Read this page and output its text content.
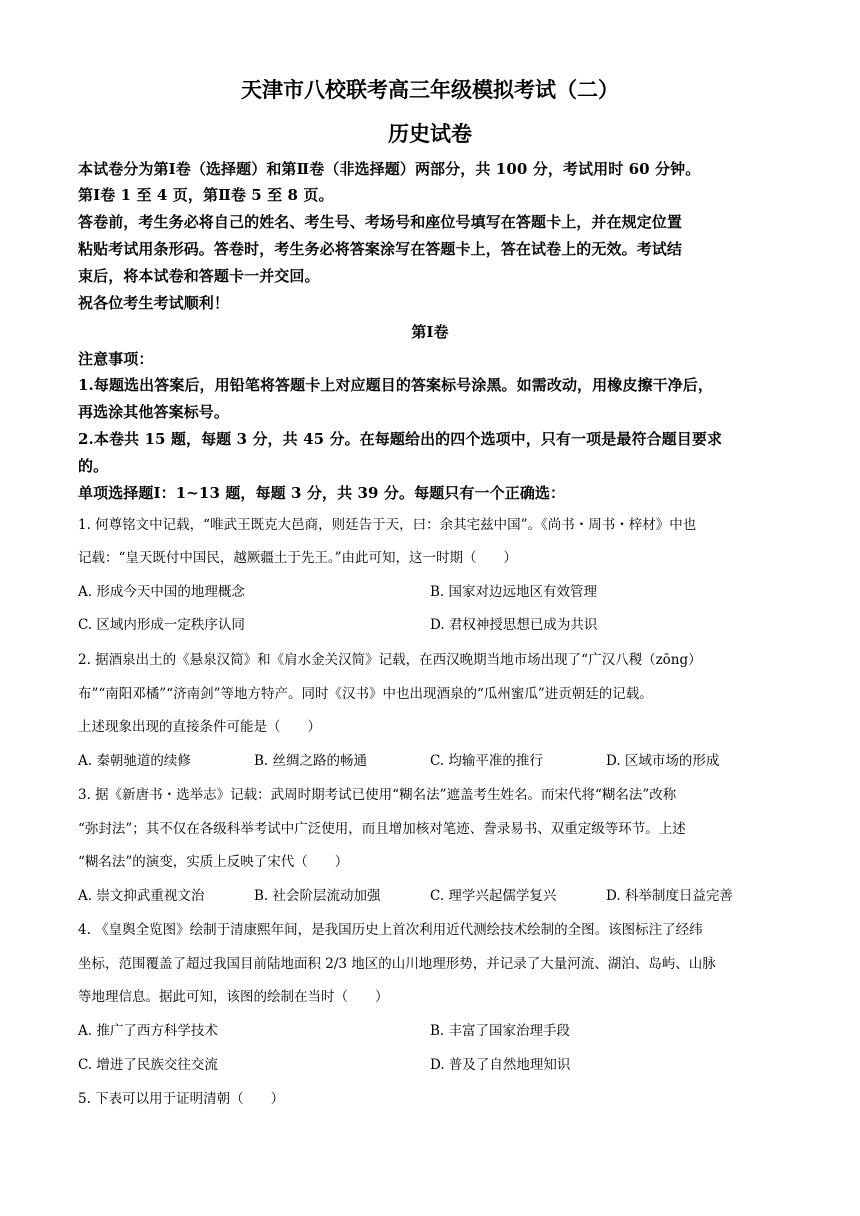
天津市八校联考高三年级模拟考试（二）
历史试卷
本试卷分为第Ⅰ卷（选择题）和第Ⅱ卷（非选择题）两部分，共 100 分，考试用时 60 分钟。
第Ⅰ卷 1 至 4 页，第Ⅱ卷 5 至 8 页。
答卷前，考生务必将自己的姓名、考生号、考场号和座位号填写在答题卡上，并在规定位置
粘贴考试用条形码。答卷时，考生务必将答案涂写在答题卡上，答在试卷上的无效。考试结
束后，将本试卷和答题卡一并交回。
祝各位考生考试顺利！
第Ⅰ卷
注意事项：
1.每题选出答案后，用铅笔将答题卡上对应题目的答案标号涂黑。如需改动，用橡皮擦干净后，
再选涂其他答案标号。
2.本卷共 15 题，每题 3 分，共 45 分。在每题给出的四个选项中，只有一项是最符合题目要求
的。
单项选择题Ⅰ：1~13 题，每题 3 分，共 39 分。每题只有一个正确选：
1. 何尊铭文中记载，“唯武王既克大邑商，则廷告于天，曰：余其宅兹中国”。《尚书・周书・梓材》中也
记载：“皇天既付中国民，越厥疆土于先王。”由此可知，这一时期（　　）
A. 形成今天中国的地理概念	B. 国家对边远地区有效管理
C. 区域内形成一定秩序认同	D. 君权神授思想已成为共识
2. 据酒泉出土的《悬泉汉简》和《肩水金关汉简》记载，在西汉晚期当地市场出现了“广汉八稯（zōng）
布”“南阳邓橘”“济南剑”等地方特产。同时《汉书》中也出现酒泉的“瓜州蜜瓜”进贡朝廷的记载。
上述现象出现的直接条件可能是（　　）
A. 秦朝驰道的续修	B. 丝绸之路的畅通	C. 均输平准的推行	D. 区域市场的形成
3. 据《新唐书・选举志》记载：武周时期考试已使用“糊名法”遮盖考生姓名。而宋代将“糊名法”改称
“弥封法”；其不仅在各级科举考试中广泛使用，而且增加核对笔迹、誊录易书、双重定级等环节。上述
“糊名法”的演变，实质上反映了宋代（　　）
A. 崇文抑武重视文治	B. 社会阶层流动加强	C. 理学兴起儒学复兴	D. 科举制度日益完善
4. 《皇舆全览图》绘制于清康熙年间，是我国历史上首次利用近代测绘技术绘制的全图。该图标注了经纬
坐标，范围覆盖了超过我国目前陆地面积 2/3 地区的山川地理形势，并记录了大量河流、湖泊、岛屿、山脉
等地理信息。据此可知，该图的绘制在当时（　　）
A. 推广了西方科学技术	B. 丰富了国家治理手段
C. 增进了民族交往交流	D. 普及了自然地理知识
5. 下表可以用于证明清朝（　　）
